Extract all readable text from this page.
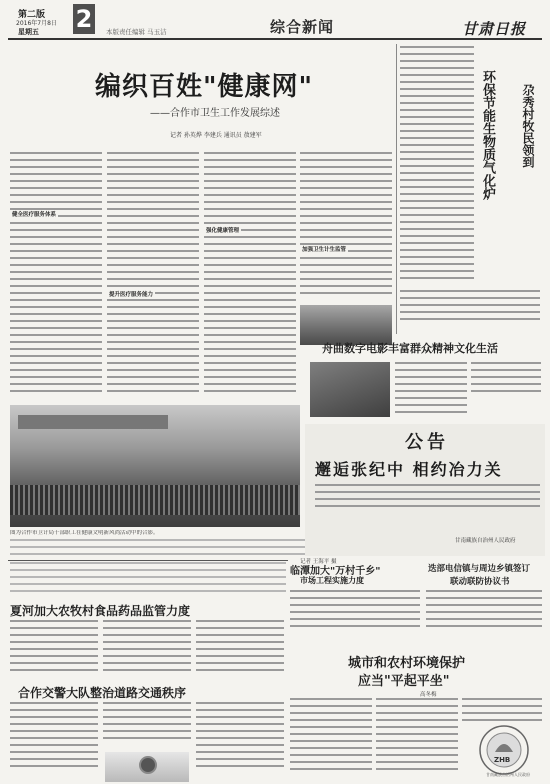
第二版
2016年7月8日
星期五 2	本版责任编辑 马玉洁	综合新闻	甘肃日报
编织百姓"健康网"
——合作市卫生工作发展综述
记者 孙英烨 李建兵 通讯员 敖建军
健全医疗服务体系
提升医疗服务能力
强化健康管理
加强卫生计生监管
尕秀村牧民领到
环保节能生物质气化炉
图为合作市卫计局干部职工在健康文明新风尚活动中的合影。
记者 王海平 摄
舟曲数字电影丰富群众精神文化生活
公告
邂逅张纪中 相约冶力关
甘南藏族自治州人民政府
临潭加大"万村千乡"
市场工程实施力度
迭部电信镇与周边乡镇签订
联动联防协议书
夏河加大农牧村食品药品监管力度
合作交警大队整治道路交通秩序
城市和农村环境保护
应当"平起平坐"
高冬梅
ZHB
甘南藏族自治州人民政府
